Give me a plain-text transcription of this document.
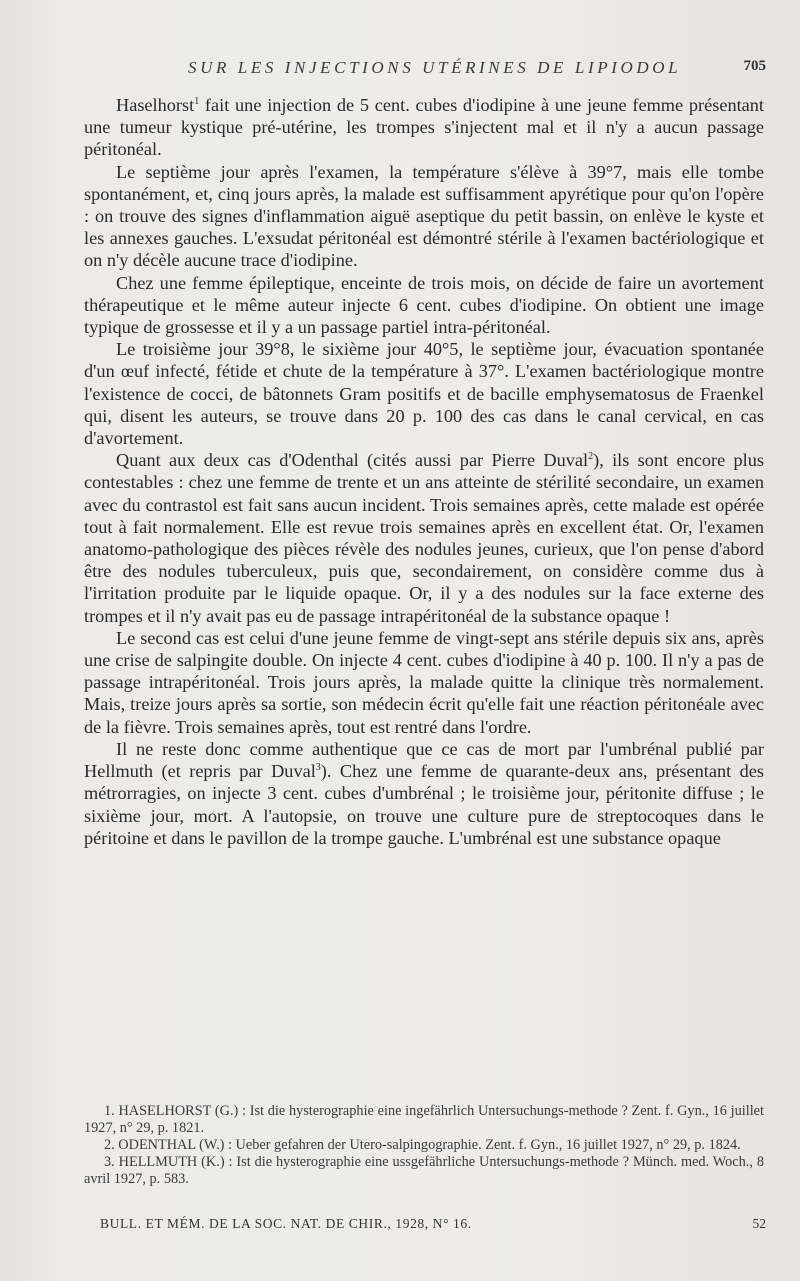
SUR LES INJECTIONS UTÉRINES DE LIPIODOL	705

Haselhorst$^1$ fait une injection de 5 cent. cubes d'iodipine à une jeune femme présentant une tumeur kystique pré-utérine, les trompes s'injectent mal et il n'y a aucun passage péritonéal.

Le septième jour après l'examen, la température s'élève à 39°7, mais elle tombe spontanément, et, cinq jours après, la malade est suffisamment apyrétique pour qu'on l'opère : on trouve des signes d'inflammation aiguë aseptique du petit bassin, on enlève le kyste et les annexes gauches. L'exsudat péritonéal est démontré stérile à l'examen bactériologique et on n'y décèle aucune trace d'iodipine.

Chez une femme épileptique, enceinte de trois mois, on décide de faire un avortement thérapeutique et le même auteur injecte 6 cent. cubes d'iodipine. On obtient une image typique de grossesse et il y a un passage partiel intra-péritonéal.

Le troisième jour 39°8, le sixième jour 40°5, le septième jour, évacuation spontanée d'un œuf infecté, fétide et chute de la température à 37°. L'examen bactériologique montre l'existence de cocci, de bâtonnets Gram positifs et de bacille emphysematosus de Fraenkel qui, disent les auteurs, se trouve dans 20 p. 100 des cas dans le canal cervical, en cas d'avortement.

Quant aux deux cas d'Odenthal (cités aussi par Pierre Duval$^2$), ils sont encore plus contestables : chez une femme de trente et un ans atteinte de stérilité secondaire, un examen avec du contrastol est fait sans aucun incident. Trois semaines après, cette malade est opérée tout à fait normalement. Elle est revue trois semaines après en excellent état. Or, l'examen anatomo-pathologique des pièces révèle des nodules jeunes, curieux, que l'on pense d'abord être des nodules tuberculeux, puis que, secondairement, on considère comme dus à l'irritation produite par le liquide opaque. Or, il y a des nodules sur la face externe des trompes et il n'y avait pas eu de passage intrapéritonéal de la substance opaque !

Le second cas est celui d'une jeune femme de vingt-sept ans stérile depuis six ans, après une crise de salpingite double. On injecte 4 cent. cubes d'iodipine à 40 p. 100. Il n'y a pas de passage intrapéritonéal. Trois jours après, la malade quitte la clinique très normalement. Mais, treize jours après sa sortie, son médecin écrit qu'elle fait une réaction péritonéale avec de la fièvre. Trois semaines après, tout est rentré dans l'ordre.

Il ne reste donc comme authentique que ce cas de mort par l'umbrénal publié par Hellmuth (et repris par Duval$^3$). Chez une femme de quarante-deux ans, présentant des métrorragies, on injecte 3 cent. cubes d'umbrénal ; le troisième jour, péritonite diffuse ; le sixième jour, mort. A l'autopsie, on trouve une culture pure de streptocoques dans le péritoine et dans le pavillon de la trompe gauche. L'umbrénal est une substance opaque

1. HASELHORST (G.) : Ist die hysterographie eine ingefährlich Untersuchungs-methode ? Zent. f. Gyn., 16 juillet 1927, n° 29, p. 1821.

2. ODENTHAL (W.) : Ueber gefahren der Utero-salpingographie. Zent. f. Gyn., 16 juillet 1927, n° 29, p. 1824.

3. HELLMUTH (K.) : Ist die hysterographie eine ussgefährliche Untersuchungs-methode ? Münch. med. Woch., 8 avril 1927, p. 583.

BULL. ET MÉM. DE LA SOC. NAT. DE CHIR., 1928, N° 16.	52
